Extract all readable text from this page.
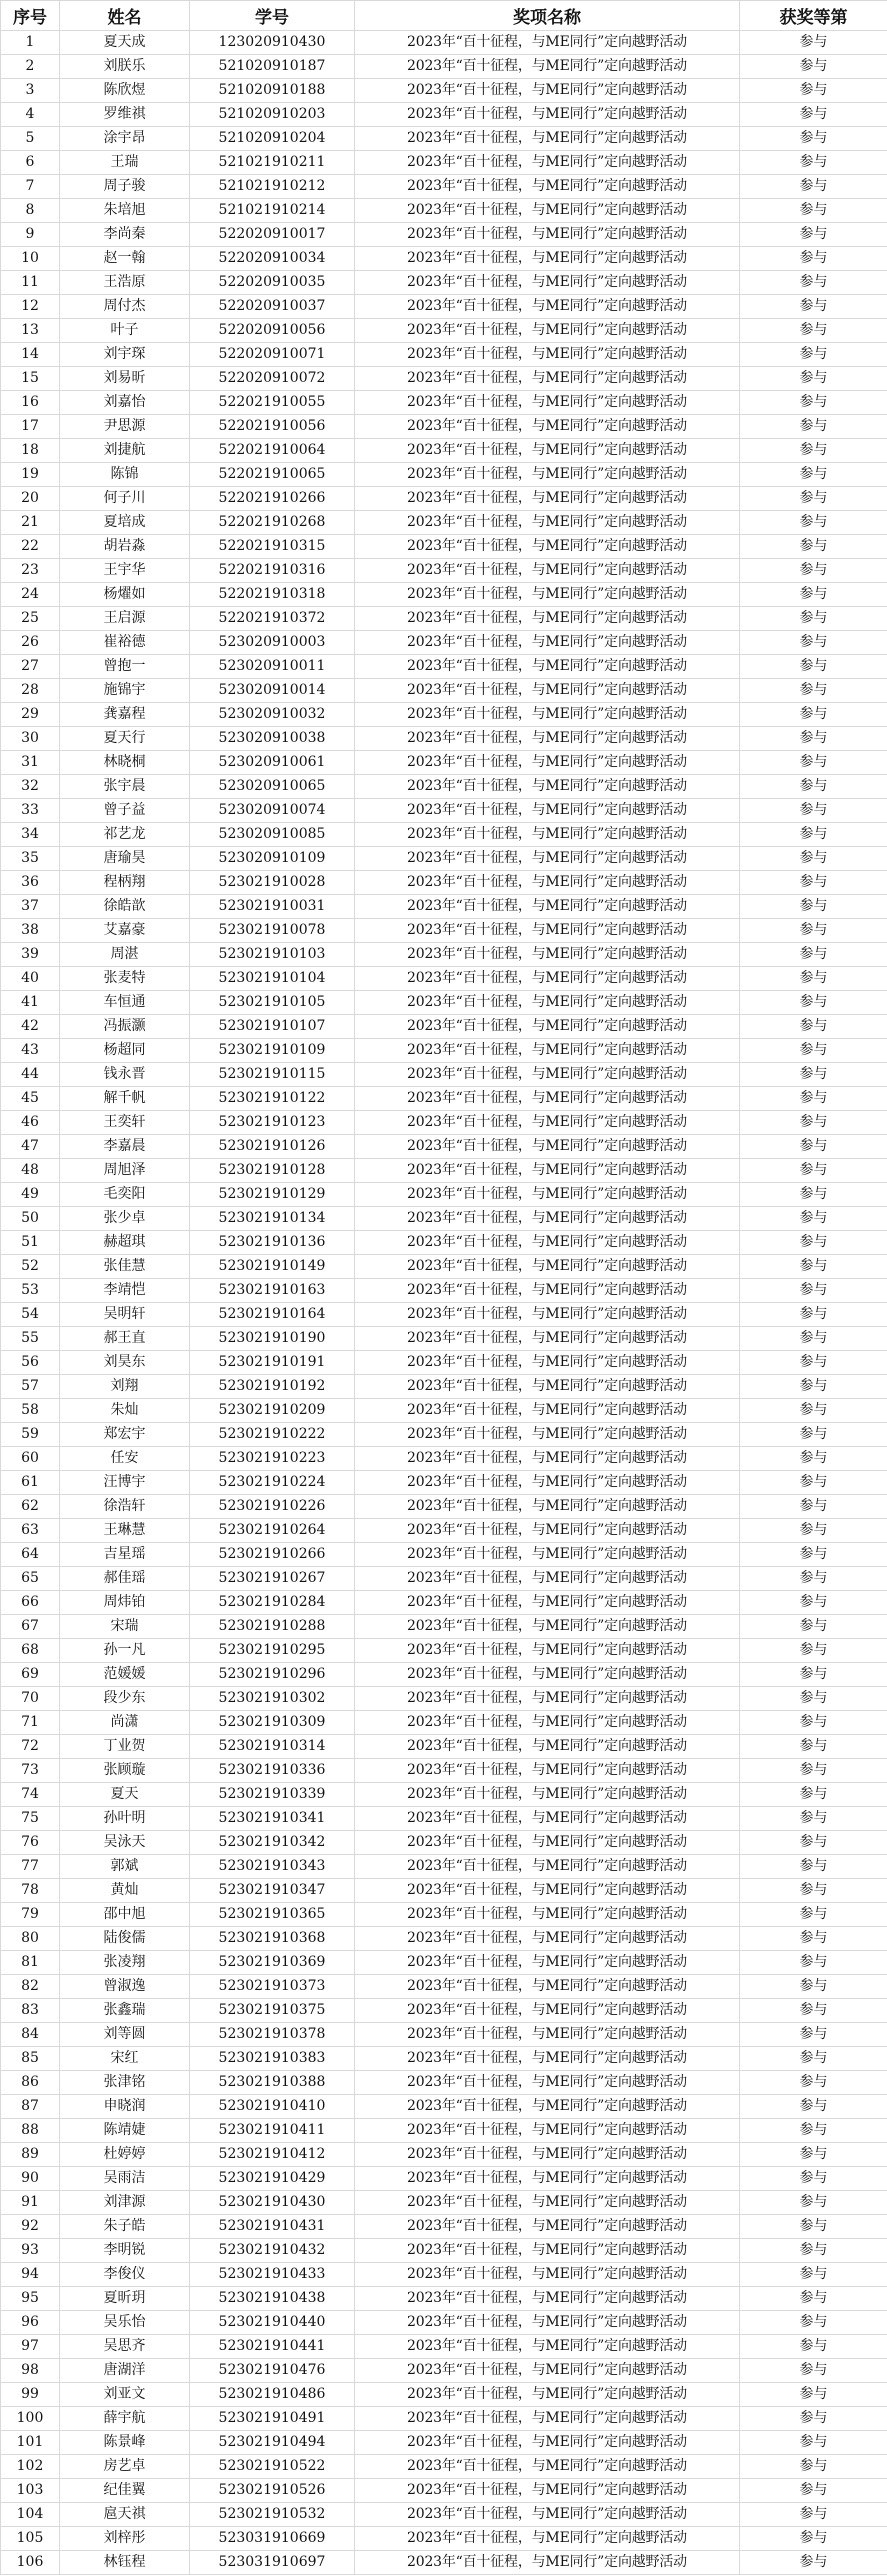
序号	姓名	学号	奖项名称	获奖等第
1	夏天成	123020910430	2023年“百十征程，与ME同行”定向越野活动	参与
2	刘朕乐	521020910187	2023年“百十征程，与ME同行”定向越野活动	参与
3	陈欣煜	521020910188	2023年“百十征程，与ME同行”定向越野活动	参与
4	罗维祺	521020910203	2023年“百十征程，与ME同行”定向越野活动	参与
5	涂宇昂	521020910204	2023年“百十征程，与ME同行”定向越野活动	参与
6	王瑞	521021910211	2023年“百十征程，与ME同行”定向越野活动	参与
7	周子骏	521021910212	2023年“百十征程，与ME同行”定向越野活动	参与
8	朱培旭	521021910214	2023年“百十征程，与ME同行”定向越野活动	参与
9	李尚秦	522020910017	2023年“百十征程，与ME同行”定向越野活动	参与
10	赵一翰	522020910034	2023年“百十征程，与ME同行”定向越野活动	参与
11	王浩原	522020910035	2023年“百十征程，与ME同行”定向越野活动	参与
12	周付杰	522020910037	2023年“百十征程，与ME同行”定向越野活动	参与
13	叶子	522020910056	2023年“百十征程，与ME同行”定向越野活动	参与
14	刘宇琛	522020910071	2023年“百十征程，与ME同行”定向越野活动	参与
15	刘易昕	522020910072	2023年“百十征程，与ME同行”定向越野活动	参与
16	刘嘉怡	522021910055	2023年“百十征程，与ME同行”定向越野活动	参与
17	尹思源	522021910056	2023年“百十征程，与ME同行”定向越野活动	参与
18	刘捷航	522021910064	2023年“百十征程，与ME同行”定向越野活动	参与
19	陈锦	522021910065	2023年“百十征程，与ME同行”定向越野活动	参与
20	何子川	522021910266	2023年“百十征程，与ME同行”定向越野活动	参与
21	夏培成	522021910268	2023年“百十征程，与ME同行”定向越野活动	参与
22	胡岩淼	522021910315	2023年“百十征程，与ME同行”定向越野活动	参与
23	王宇华	522021910316	2023年“百十征程，与ME同行”定向越野活动	参与
24	杨燿如	522021910318	2023年“百十征程，与ME同行”定向越野活动	参与
25	王启源	522021910372	2023年“百十征程，与ME同行”定向越野活动	参与
26	崔裕德	523020910003	2023年“百十征程，与ME同行”定向越野活动	参与
27	曾抱一	523020910011	2023年“百十征程，与ME同行”定向越野活动	参与
28	施锦宇	523020910014	2023年“百十征程，与ME同行”定向越野活动	参与
29	龚嘉程	523020910032	2023年“百十征程，与ME同行”定向越野活动	参与
30	夏天行	523020910038	2023年“百十征程，与ME同行”定向越野活动	参与
31	林晓桐	523020910061	2023年“百十征程，与ME同行”定向越野活动	参与
32	张宇晨	523020910065	2023年“百十征程，与ME同行”定向越野活动	参与
33	曾子益	523020910074	2023年“百十征程，与ME同行”定向越野活动	参与
34	祁艺龙	523020910085	2023年“百十征程，与ME同行”定向越野活动	参与
35	唐瑜昊	523020910109	2023年“百十征程，与ME同行”定向越野活动	参与
36	程柄翔	523021910028	2023年“百十征程，与ME同行”定向越野活动	参与
37	徐皓歆	523021910031	2023年“百十征程，与ME同行”定向越野活动	参与
38	艾嘉豪	523021910078	2023年“百十征程，与ME同行”定向越野活动	参与
39	周湛	523021910103	2023年“百十征程，与ME同行”定向越野活动	参与
40	张麦特	523021910104	2023年“百十征程，与ME同行”定向越野活动	参与
41	车恒通	523021910105	2023年“百十征程，与ME同行”定向越野活动	参与
42	冯振灏	523021910107	2023年“百十征程，与ME同行”定向越野活动	参与
43	杨超同	523021910109	2023年“百十征程，与ME同行”定向越野活动	参与
44	钱永晋	523021910115	2023年“百十征程，与ME同行”定向越野活动	参与
45	解千帆	523021910122	2023年“百十征程，与ME同行”定向越野活动	参与
46	王奕轩	523021910123	2023年“百十征程，与ME同行”定向越野活动	参与
47	李嘉晨	523021910126	2023年“百十征程，与ME同行”定向越野活动	参与
48	周旭泽	523021910128	2023年“百十征程，与ME同行”定向越野活动	参与
49	毛奕阳	523021910129	2023年“百十征程，与ME同行”定向越野活动	参与
50	张少卓	523021910134	2023年“百十征程，与ME同行”定向越野活动	参与
51	赫超琪	523021910136	2023年“百十征程，与ME同行”定向越野活动	参与
52	张佳慧	523021910149	2023年“百十征程，与ME同行”定向越野活动	参与
53	李靖恺	523021910163	2023年“百十征程，与ME同行”定向越野活动	参与
54	吴明轩	523021910164	2023年“百十征程，与ME同行”定向越野活动	参与
55	郝王直	523021910190	2023年“百十征程，与ME同行”定向越野活动	参与
56	刘昊东	523021910191	2023年“百十征程，与ME同行”定向越野活动	参与
57	刘翔	523021910192	2023年“百十征程，与ME同行”定向越野活动	参与
58	朱灿	523021910209	2023年“百十征程，与ME同行”定向越野活动	参与
59	郑宏宇	523021910222	2023年“百十征程，与ME同行”定向越野活动	参与
60	任安	523021910223	2023年“百十征程，与ME同行”定向越野活动	参与
61	汪博宇	523021910224	2023年“百十征程，与ME同行”定向越野活动	参与
62	徐浩轩	523021910226	2023年“百十征程，与ME同行”定向越野活动	参与
63	王琳慧	523021910264	2023年“百十征程，与ME同行”定向越野活动	参与
64	吉星瑶	523021910266	2023年“百十征程，与ME同行”定向越野活动	参与
65	郝佳瑶	523021910267	2023年“百十征程，与ME同行”定向越野活动	参与
66	周炜铂	523021910284	2023年“百十征程，与ME同行”定向越野活动	参与
67	宋瑞	523021910288	2023年“百十征程，与ME同行”定向越野活动	参与
68	孙一凡	523021910295	2023年“百十征程，与ME同行”定向越野活动	参与
69	范媛媛	523021910296	2023年“百十征程，与ME同行”定向越野活动	参与
70	段少东	523021910302	2023年“百十征程，与ME同行”定向越野活动	参与
71	尚潇	523021910309	2023年“百十征程，与ME同行”定向越野活动	参与
72	丁业贺	523021910314	2023年“百十征程，与ME同行”定向越野活动	参与
73	张顾璇	523021910336	2023年“百十征程，与ME同行”定向越野活动	参与
74	夏天	523021910339	2023年“百十征程，与ME同行”定向越野活动	参与
75	孙叶明	523021910341	2023年“百十征程，与ME同行”定向越野活动	参与
76	吴泳天	523021910342	2023年“百十征程，与ME同行”定向越野活动	参与
77	郭斌	523021910343	2023年“百十征程，与ME同行”定向越野活动	参与
78	黄灿	523021910347	2023年“百十征程，与ME同行”定向越野活动	参与
79	邵中旭	523021910365	2023年“百十征程，与ME同行”定向越野活动	参与
80	陆俊儒	523021910368	2023年“百十征程，与ME同行”定向越野活动	参与
81	张凌翔	523021910369	2023年“百十征程，与ME同行”定向越野活动	参与
82	曾淑逸	523021910373	2023年“百十征程，与ME同行”定向越野活动	参与
83	张鑫瑞	523021910375	2023年“百十征程，与ME同行”定向越野活动	参与
84	刘等圆	523021910378	2023年“百十征程，与ME同行”定向越野活动	参与
85	宋红	523021910383	2023年“百十征程，与ME同行”定向越野活动	参与
86	张津铭	523021910388	2023年“百十征程，与ME同行”定向越野活动	参与
87	申晓润	523021910410	2023年“百十征程，与ME同行”定向越野活动	参与
88	陈靖婕	523021910411	2023年“百十征程，与ME同行”定向越野活动	参与
89	杜婷婷	523021910412	2023年“百十征程，与ME同行”定向越野活动	参与
90	吴雨洁	523021910429	2023年“百十征程，与ME同行”定向越野活动	参与
91	刘津源	523021910430	2023年“百十征程，与ME同行”定向越野活动	参与
92	朱子皓	523021910431	2023年“百十征程，与ME同行”定向越野活动	参与
93	李明锐	523021910432	2023年“百十征程，与ME同行”定向越野活动	参与
94	李俊仪	523021910433	2023年“百十征程，与ME同行”定向越野活动	参与
95	夏昕玥	523021910438	2023年“百十征程，与ME同行”定向越野活动	参与
96	吴乐怡	523021910440	2023年“百十征程，与ME同行”定向越野活动	参与
97	吴思齐	523021910441	2023年“百十征程，与ME同行”定向越野活动	参与
98	唐湖洋	523021910476	2023年“百十征程，与ME同行”定向越野活动	参与
99	刘亚文	523021910486	2023年“百十征程，与ME同行”定向越野活动	参与
100	薛宇航	523021910491	2023年“百十征程，与ME同行”定向越野活动	参与
101	陈景峰	523021910494	2023年“百十征程，与ME同行”定向越野活动	参与
102	房艺卓	523021910522	2023年“百十征程，与ME同行”定向越野活动	参与
103	纪佳翼	523021910526	2023年“百十征程，与ME同行”定向越野活动	参与
104	扈天祺	523021910532	2023年“百十征程，与ME同行”定向越野活动	参与
105	刘梓彤	523031910669	2023年“百十征程，与ME同行”定向越野活动	参与
106	林钰程	523031910697	2023年“百十征程，与ME同行”定向越野活动	参与
